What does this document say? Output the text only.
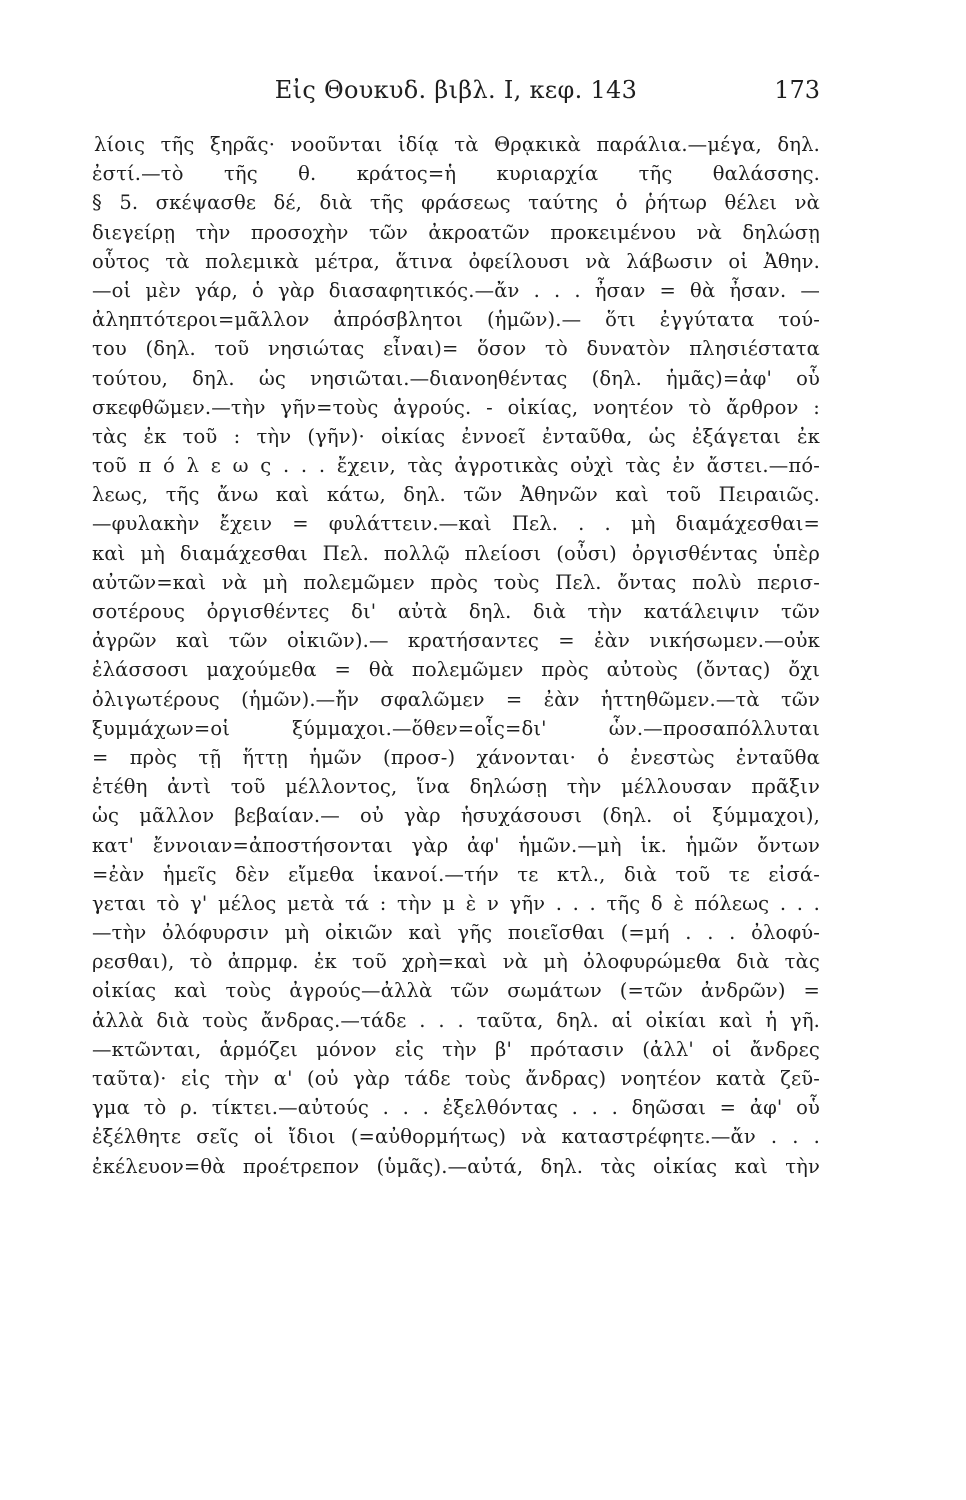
Εἰς Θουκυδ. βιβλ. Ι, κεφ. 143	173
λίοις τῆς ξηρᾶς· νοοῦνται ἰδίᾳ τὰ Θρᾳκικὰ παράλια.—μέγα, δηλ.
ἐστί.—τὸ τῆς θ. κράτος=ἡ κυριαρχία τῆς θαλάσσης.
§ 5. σκέψασθε δέ, διὰ τῆς φράσεως ταύτης ὁ ῥήτωρ θέλει νὰ
διεγείρῃ τὴν προσοχὴν τῶν ἀκροατῶν προκειμένου νὰ δηλώσῃ
οὗτος τὰ πολεμικὰ μέτρα, ἅτινα ὀφείλουσι νὰ λάβωσιν οἱ Ἀθην.
—οἱ μὲν γάρ, ὁ γὰρ διασαφητικός.—ἄν . . . ἦσαν = θὰ ἦσαν. —
ἀληπτότεροι=μᾶλλον ἀπρόσβλητοι (ἡμῶν).— ὅτι ἐγγύτατα τού-
του (δηλ. τοῦ νησιώτας εἶναι)= ὅσον τὸ δυνατὸν πλησιέστατα
τούτου, δηλ. ὡς νησιῶται.—διανοηθέντας (δηλ. ἡμᾶς)=ἀφ' οὗ
σκεφθῶμεν.—τὴν γῆν=τοὺς ἀγρούς. - οἰκίας, νοητέον τὸ ἄρθρον :
τὰς ἐκ τοῦ : τὴν (γῆν)· οἰκίας ἐννοεῖ ἐνταῦθα, ὡς ἐξάγεται ἐκ
τοῦ π ό λ ε ω ς . . . ἔχειν, τὰς ἀγροτικὰς οὐχὶ τὰς ἐν ἄστει.—πό-
λεως, τῆς ἄνω καὶ κάτω, δηλ. τῶν Ἀθηνῶν καὶ τοῦ Πειραιῶς.
—φυλακὴν ἔχειν = φυλάττειν.—καὶ Πελ. . . μὴ διαμάχεσθαι=
καὶ μὴ διαμάχεσθαι Πελ. πολλῷ πλείοσι (οὖσι) ὀργισθέντας ὑπὲρ
αὐτῶν=καὶ νὰ μὴ πολεμῶμεν πρὸς τοὺς Πελ. ὄντας πολὺ περισ-
σοτέρους ὀργισθέντες δι' αὐτὰ δηλ. διὰ τὴν κατάλειψιν τῶν
ἀγρῶν καὶ τῶν οἰκιῶν).— κρατήσαντες = ἐὰν νικήσωμεν.—οὐκ
ἐλάσσοσι μαχούμεθα = θὰ πολεμῶμεν πρὸς αὐτοὺς (ὄντας) ὄχι
ὀλιγωτέρους (ἡμῶν).—ἤν σφαλῶμεν = ἐὰν ἡττηθῶμεν.—τὰ τῶν
ξυμμάχων=οἱ ξύμμαχοι.—ὅθεν=οἷς=δι' ὧν.—προσαπόλλυται
= πρὸς τῇ ἥττῃ ἡμῶν (προσ-) χάνονται· ὁ ἐνεστὼς ἐνταῦθα
ἐτέθη ἀντὶ τοῦ μέλλοντος, ἵνα δηλώσῃ τὴν μέλλουσαν πρᾶξιν
ὡς μᾶλλον βεβαίαν.— οὐ γὰρ ἡσυχάσουσι (δηλ. οἱ ξύμμαχοι),
κατ' ἔννοιαν=ἀποστήσονται γὰρ ἀφ' ἡμῶν.—μὴ ἱκ. ἡμῶν ὄντων
=ἐὰν ἡμεῖς δὲν εἴμεθα ἱκανοί.—τήν τε κτλ., διὰ τοῦ τε εἰσά-
γεται τὸ γ' μέλος μετὰ τά : τὴν μ ὲ ν γῆν . . . τῆς δ ὲ πόλεως . . .
—τὴν ὀλόφυρσιν μὴ οἰκιῶν καὶ γῆς ποιεῖσθαι (=μή . . . ὀλοφύ-
ρεσθαι), τὸ ἀπρμφ. ἐκ τοῦ χρὴ=καὶ νὰ μὴ ὀλοφυρώμεθα διὰ τὰς
οἰκίας καὶ τοὺς ἀγρούς—ἀλλὰ τῶν σωμάτων (=τῶν ἀνδρῶν) =
ἀλλὰ διὰ τοὺς ἄνδρας.—τάδε . . . ταῦτα, δηλ. αἱ οἰκίαι καὶ ἡ γῆ.
—κτῶνται, ἁρμόζει μόνον εἰς τὴν β' πρότασιν (ἀλλ' οἱ ἄνδρες
ταῦτα)· εἰς τὴν α' (οὐ γὰρ τάδε τοὺς ἄνδρας) νοητέον κατὰ ζεῦ-
γμα τὸ ρ. τίκτει.—αὐτούς . . . ἐξελθόντας . . . δηῶσαι = ἀφ' οὗ
ἐξέλθητε σεῖς οἱ ἴδιοι (=αὐθορμήτως) νὰ καταστρέφητε.—ἄν . . .
ἐκέλευον=θὰ προέτρεπον (ὑμᾶς).—αὐτά, δηλ. τὰς οἰκίας καὶ τὴν
